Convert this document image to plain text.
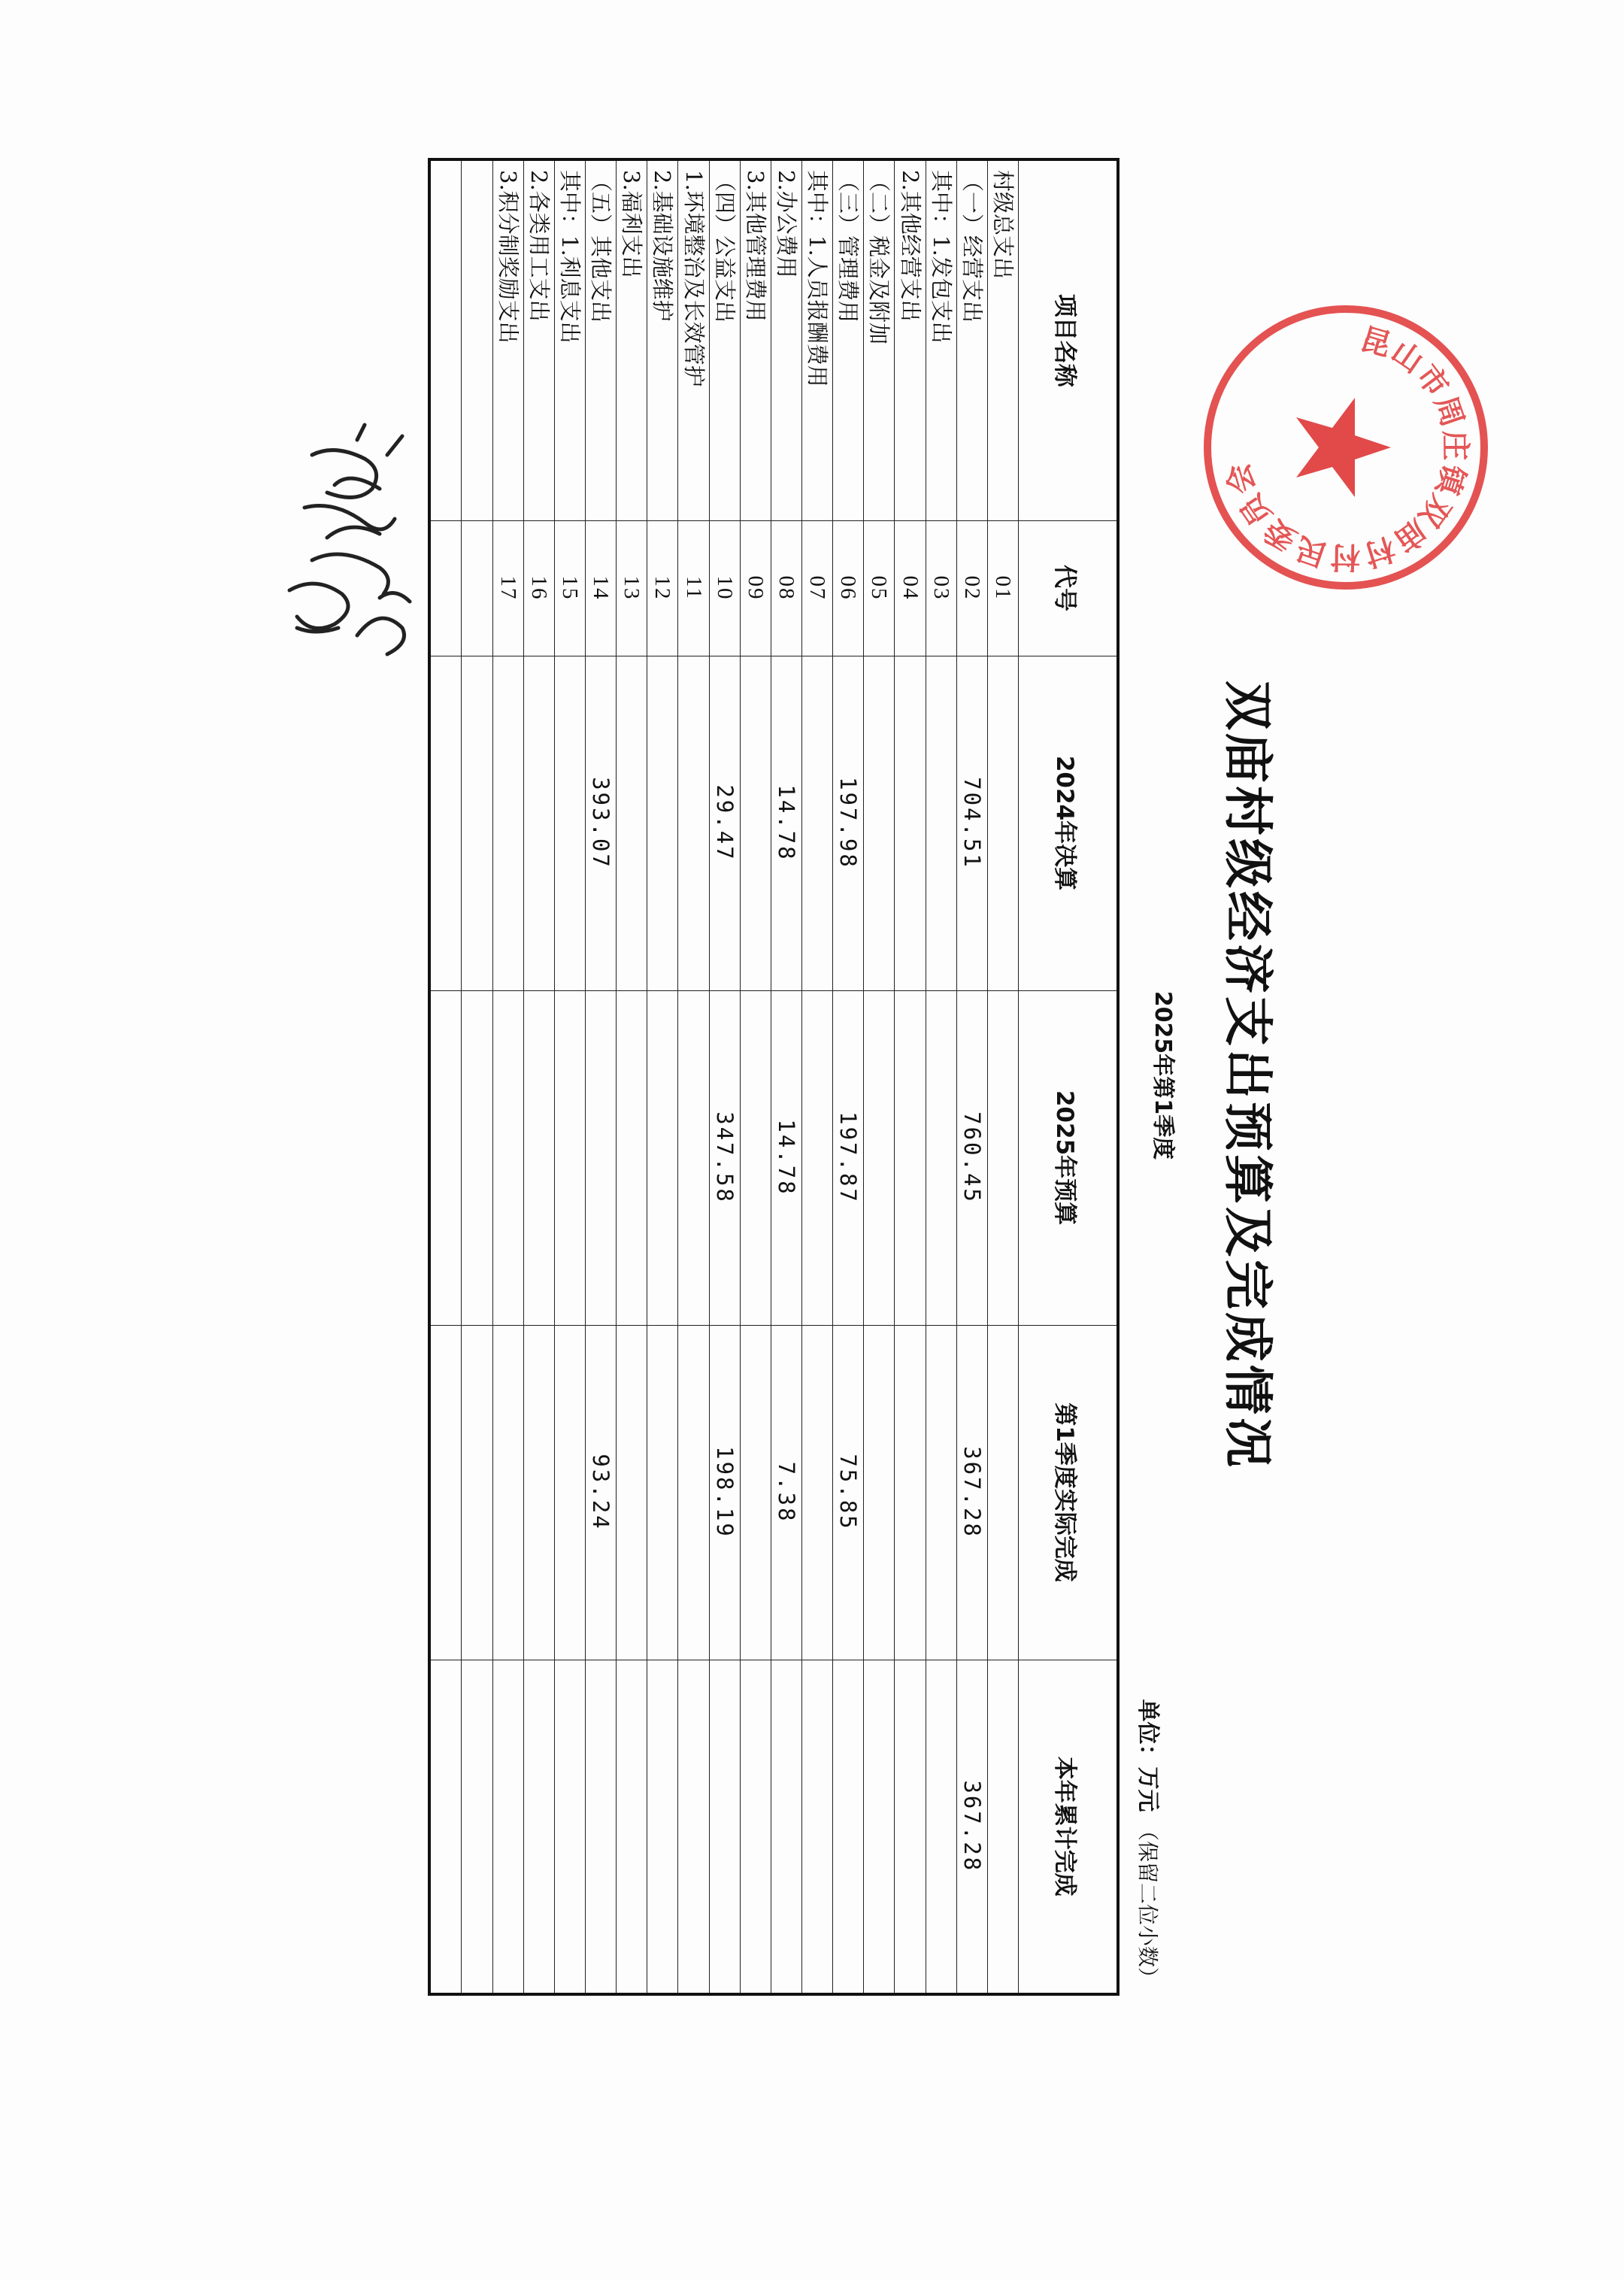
双庙村级经济支出预算及完成情况
2025年第1季度
单位：万元 （保留二位小数）
项目名称	代号	2024年决算	2025年预算	第1季度实际完成	本年累计完成
村级总支出	01				
（一）经营支出	02	704.51	760.45	367.28	367.28
其中：1.发包支出	03				
2.其他经营支出	04				
（二）税金及附加	05				
（三）管理费用	06	197.98	197.87	75.85	
其中：1.人员报酬费用	07				
2.办公费用	08	14.78	14.78	7.38	
3.其他管理费用	09				
（四）公益支出	10	29.47	347.58	198.19	
1.环境整治及长效管护	11				
2.基础设施维护	12				
3.福利支出	13				
（五）其他支出	14	393.07		93.24	
其中：1.利息支出	15				
2.各类用工支出	16				
3.积分制奖励支出	17				

昆山市周庄镇双庙村村民委员会
